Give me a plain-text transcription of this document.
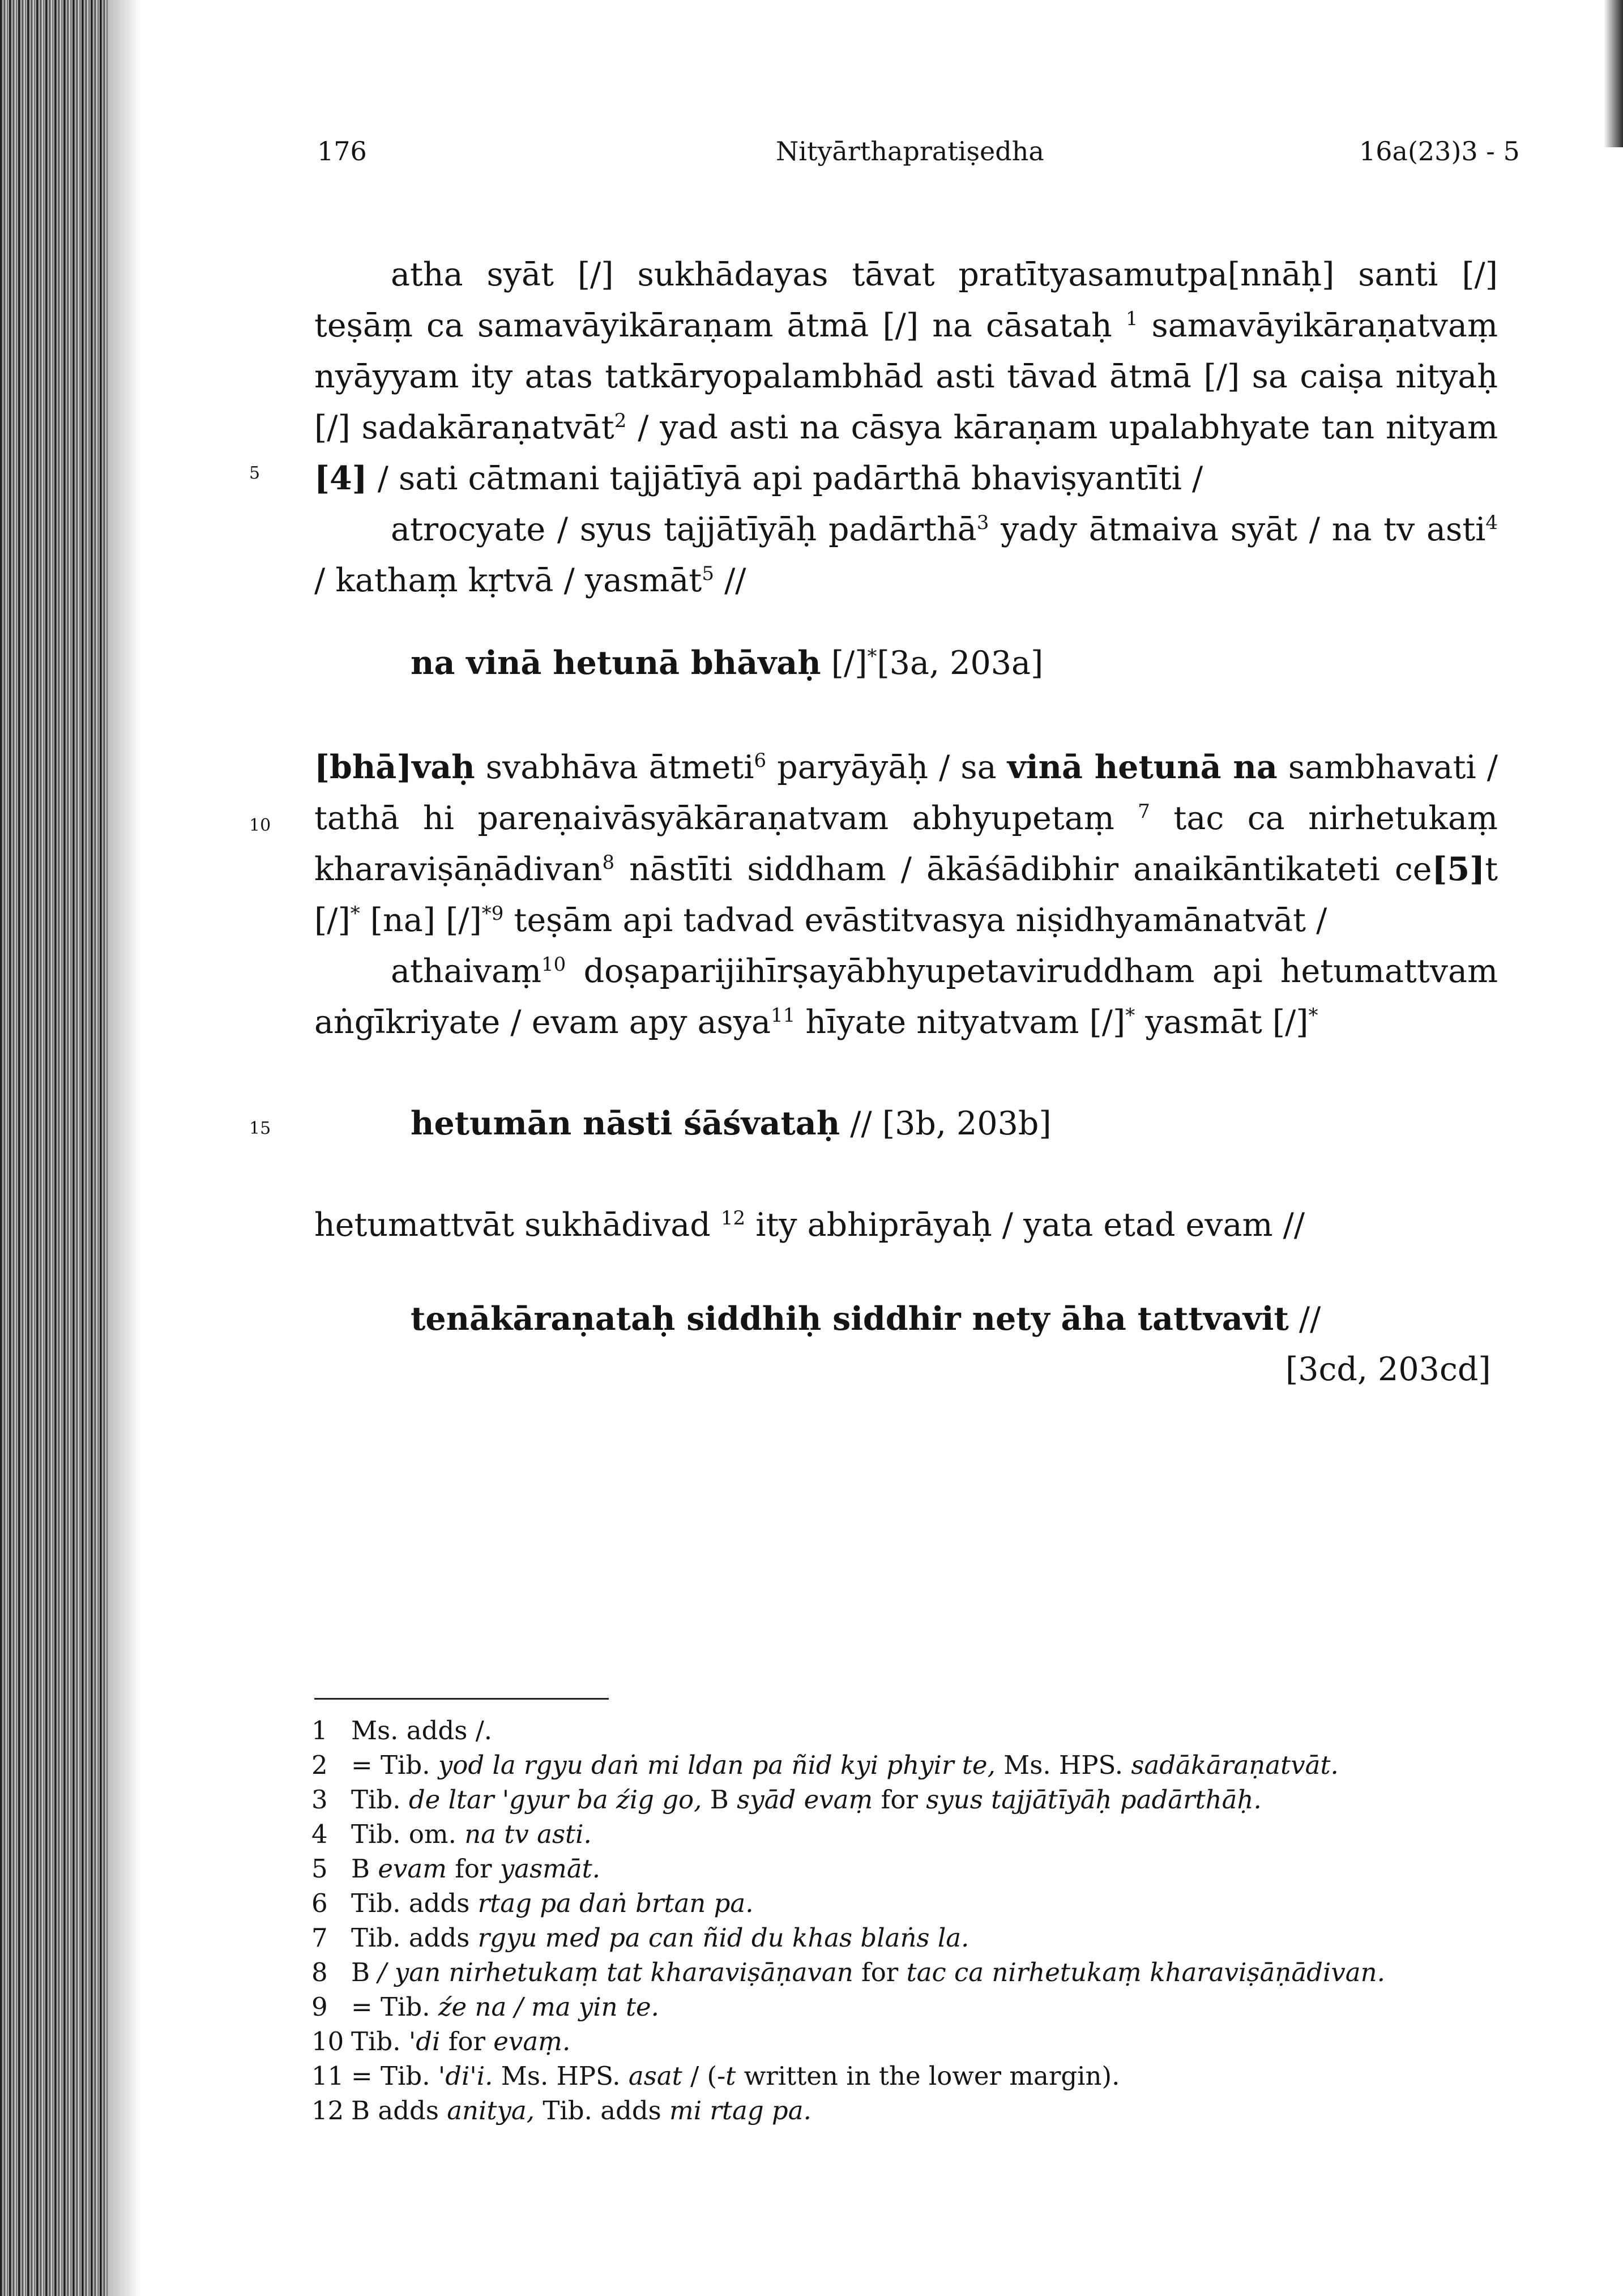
176	Nityārthapratiṣedha	16a(23)3 - 5
5
10
15

atha syāt [/] sukhādayas tāvat pratītyasamutpa[nnāḥ] santi [/] teṣāṃ ca samavāyikāraṇam ātmā [/] na cāsataḥ $^1$ samavāyikāraṇatvaṃ nyāyyam ity atas tatkāryopalambhād asti tāvad ātmā [/] sa caiṣa nityaḥ [/] sadakāraṇatvāt$^2$ / yad asti na cāsya kāraṇam upalabhyate tan nityam [4] / sati cātmani tajjātīyā api padārthā bhaviṣyantīti /

atrocyate / syus tajjātīyāḥ padārthā$^3$ yady ātmaiva syāt / na tv asti$^4$ / kathaṃ kṛtvā / yasmāt$^5$ //

na vinā hetunā bhāvaḥ [/]*[3a, 203a]

[bhā]vaḥ svabhāva ātmeti$^6$ paryāyāḥ / sa vinā hetunā na sambhavati / tathā hi pareṇaivāsyākāraṇatvam abhyupetaṃ $^7$ tac ca nirhetukaṃ kharaviṣāṇādivan$^8$ nāstīti siddham / ākāśādibhir anaikāntikateti ce[5]t [/]* [na] $[/]^{*9}$ teṣām api tadvad evāstitvasya niṣidhyamānatvāt /

athaivaṃ$^{10}$ doṣaparijihīrṣayābhyupetaviruddham api hetumattvam aṅgīkriyate / evam apy asya$^{11}$ hīyate nityatvam [/]* yasmāt [/]*

hetumān nāsti śāśvataḥ // [3b, 203b]

hetumattvāt sukhādivad $^{12}$ ity abhiprāyaḥ / yata etad evam //

tenākāraṇataḥ siddhiḥ siddhir nety āha tattvavit //
[3cd, 203cd]
1 Ms. adds /.
2 = Tib. yod la rgyu daṅ mi ldan pa ñid kyi phyir te, Ms. HPS. sadākāraṇatvāt.
3 Tib. de ltar 'gyur ba źig go, B syād evaṃ for syus tajjātīyāḥ padārthāḥ.
4 Tib. om. na tv asti.
5 B evam for yasmāt.
6 Tib. adds rtag pa daṅ brtan pa.
7 Tib. adds rgyu med pa can ñid du khas blaṅs la.
8 B / yan nirhetukaṃ tat kharaviṣāṇavan for tac ca nirhetukaṃ kharaviṣāṇādivan.
9 = Tib. źe na / ma yin te.
10 Tib. 'di for evaṃ.
11 = Tib. 'di'i. Ms. HPS. asat / (-t written in the lower margin).
12 B adds anitya, Tib. adds mi rtag pa.
